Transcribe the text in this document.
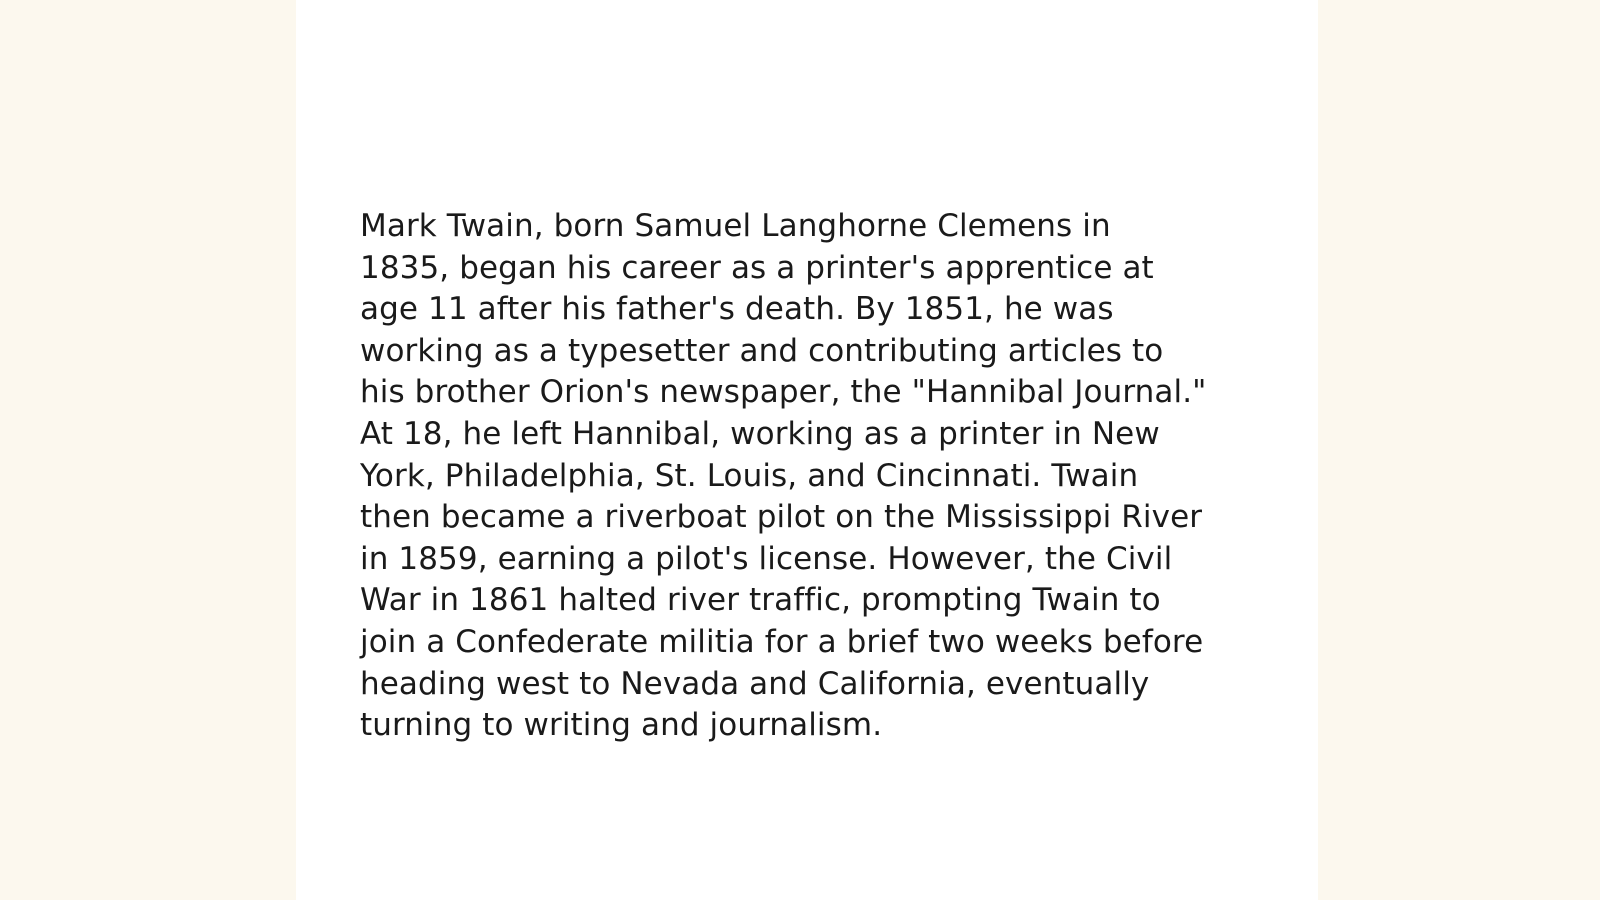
Mark Twain, born Samuel Langhorne Clemens in
1835, began his career as a printer's apprentice at
age 11 after his father's death. By 1851, he was
working as a typesetter and contributing articles to
his brother Orion's newspaper, the "Hannibal Journal."
At 18, he left Hannibal, working as a printer in New
York, Philadelphia, St. Louis, and Cincinnati. Twain
then became a riverboat pilot on the Mississippi River
in 1859, earning a pilot's license. However, the Civil
War in 1861 halted river traffic, prompting Twain to
join a Confederate militia for a brief two weeks before
heading west to Nevada and California, eventually
turning to writing and journalism.
